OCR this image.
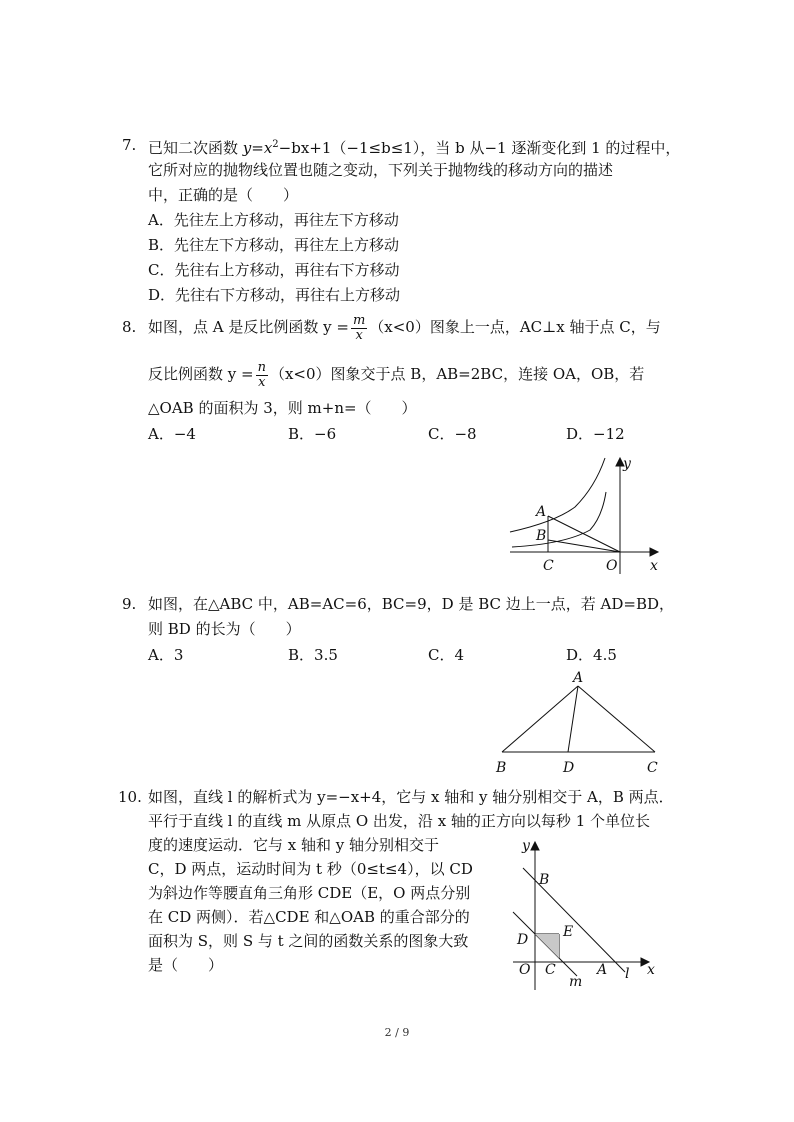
7. 已知二次函数 $y=x^2-bx+1(-1\le b\le 1)$，当 b 从−1 逐渐变化到 1 的过程中，
它所对应的抛物线位置也随之变动，下列关于抛物线的移动方向的描述
中，正确的是（　　）
A．先往左上方移动，再往左下方移动
B．先往左下方移动，再往左上方移动
C．先往右上方移动，再往右下方移动
D．先往右下方移动，再往右上方移动
8. 如图，点 A 是反比例函数 $y = \frac{m}{x} (x<0)$图象上一点，AC⊥x 轴于点 C，与
反比例函数 $y = \frac{n}{x} (x<0)$图象交于点 B，AB=2BC，连接 OA，OB，若
△OAB 的面积为 3，则 m+n=（　　）
A．−4	B．−6	C．−8	D．−12
y
x
A
B
C	O
9. 如图，在△ABC 中，AB=AC=6，BC=9，D 是 BC 边上一点，若 AD=BD，
则 BD 的长为（　　）
A．3	B．3.5	C．4	D．4.5
A
B	D	C
10. 如图，直线 l 的解析式为 y=−x+4，它与 x 轴和 y 轴分别相交于 A，B 两点．
平行于直线 l 的直线 m 从原点 O 出发，沿 x 轴的正方向以每秒 1 个单位长
度的速度运动．它与 x 轴和 y 轴分别相交于
C，D 两点，运动时间为 t 秒（0≤t≤4），以 CD
为斜边作等腰直角三角形 CDE（E，O 两点分别
在 CD 两侧）．若△CDE 和△OAB 的重合部分的
面积为 S，则 S 与 t 之间的函数关系的图象大致
是（　　）
y
x
B
D E
O C	A l
m
2 / 9
